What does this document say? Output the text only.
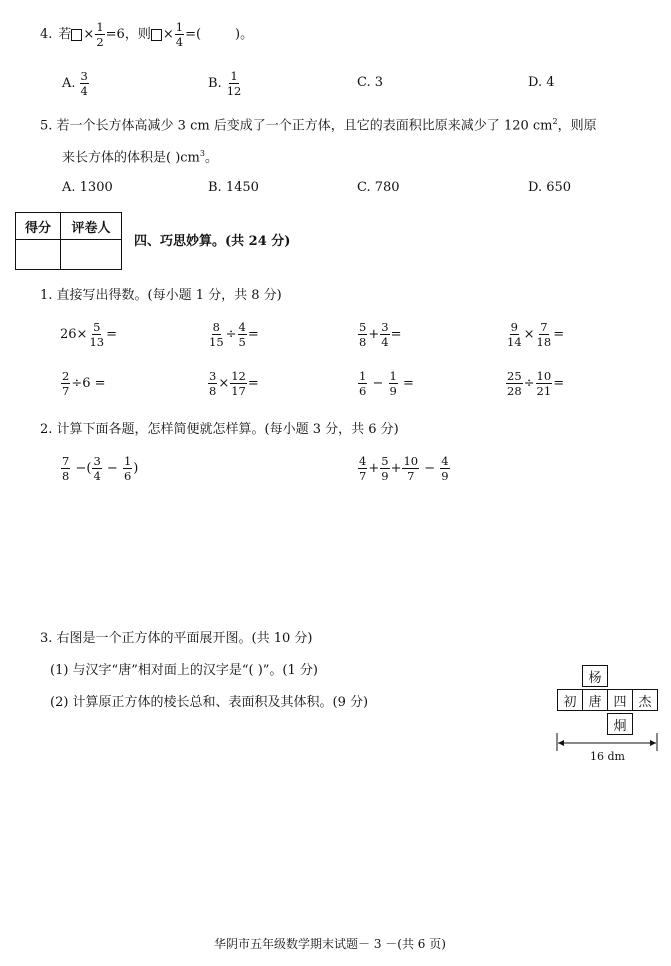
4. 若 × $\frac{1}{2} =6$，则 × $\frac{1}{4}$ =(	)。
A. $\frac{3}{4}$	B. $\frac{1}{12}$	C. 3	D. 4
5. 若一个长方体高减少 3 cm 后变成了一个正方体，且它的表面积比原来减少了 120 $cm^2$，则原
来长方体的体积是( )$cm^3$。
A. 1300	B. 1450	C. 780	D. 650
得分	评卷人

四、巧思妙算。(共 24 分)
1. 直接写出得数。(每小题 1 分，共 8 分)
$26\times \frac{5}{13}$ =	$\frac{8}{15} \div \frac{4}{5}$ =	$\frac{5}{8} + \frac{3}{4}$ =	$\frac{9}{14} \times \frac{7}{18}$ =
$\frac{2}{7} \div 6$ =	$\frac{3}{8} \times \frac{12}{17}$ =	$\frac{1}{6} - \frac{1}{9}$ =	$\frac{25}{28} \div \frac{10}{21}$ =
2. 计算下面各题，怎样简便就怎样算。(每小题 3 分，共 6 分)
$\frac{7}{8}$ −( $\frac{3}{4} - \frac{1}{6}$ )	$\frac{4}{7} + \frac{5}{9} + \frac{10}{7} - \frac{4}{9}$
3. 右图是一个正方体的平面展开图。(共 10 分)
(1) 与汉字“唐”相对面上的汉字是“( )”。(1 分)
(2) 计算原正方体的棱长总和、表面积及其体积。(9 分)
杨
初 唐 四 杰
炯
16 dm
华阴市五年级数学期末试题－ 3 －(共 6 页)
